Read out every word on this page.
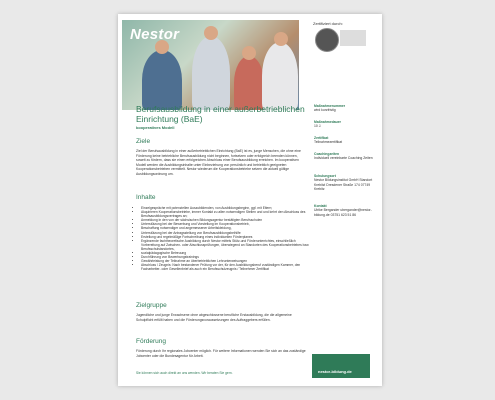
Nestor
Zertifiziert durch:
Berufsausbildung in einer außerbetrieblichen Einrichtung (BaE)
kooperatives Modell
Ziele
Ziel der Berufsausbildung in einer außerbetrieblichen Einrichtung (BaE) ist es, junge Menschen, die ohne eine Förderung keine betriebliche Berufsausbildung nicht beginnen, fortsetzen oder erfolgreich beenden können, soweit zu fördern, dass sie einen erfolgreichen Abschluss einer Berufsausbildung erreichen. Im kooperativen Modell werden die Ausbildungsinhalte unter Einbeziehung von persönlich und betrieblich geeigneten Kooperationsbetrieben vermittelt. Nestor wiederum die Kooperationsbetriebe setzen die aktuell gültige Ausbildungsordnung um.
Inhalte
• Einzelgespräche mit potenziellen Auszubildenden, von Ausbildungsbeginn, ggf. mit Eltern;
• Akquirieren Kooperationsbetriebe, immer Kontakt zu allen notwendigen Stellen und und kehrt den Abschluss des Berufsausbildungsvertrages an;
• Anmeldung in den von der sächsischen Bildungsagentur bestätigten Berufsschulen
• Unterstützung bei der Bewerbung und Vorstellung im Kooperationsbetrieb,
• Beschaffung notwendiger und angemessener Arbeitskleidung,
• Unterstützung bei der Antragsstellung von Berufsausbildungsbeihilfe
• Erstellung und regelmäßige Fortschreibung eines individuellen Förderplanes
• Ergänzende fachtheoretische Ausbildung durch Nestor mittels Stütz-und Förderunterrichtes, einschließlich Vorbereitung auf Zwischen- oder Abschlussprüfungen, überwiegend an Standorten des Kooperationsbetriebes bzw. Berufsschulstandortes,
• sozialpädagogische Betreuung
• Durchführung von Bewerbungstrainings
• Gewährleistung der Teilnahme an überbetrieblichen Lehrunterweisungen
• Abschluss / Zeugnis: Nach bestandener Prüfung vor der, für den Ausbildungsberuf zuständigen Kammer, den Facharbeiter- oder Gesellenbrief als auch ein Berufsschulzeugnis / Teilnehmer Zertifikat
Zielgruppe
Jugendliche und junge Erwachsene ohne abgeschlossene berufliche Erstausbildung, die die allgemeine Schulpflicht erfüllt haben und die Förderungsvoraussetzungen des Auftraggebers erfüllen.
Förderung
Förderung durch Ihr regionales Jobcenter möglich. Für weitere Informationen wenden Sie sich an das zuständige Jobcenter oder die Bundesagentur für Arbeit.
Sie können sich auch direkt an uns wenden. Wir beraten Sie gern.
Maßnahmenummer
wird kurzfristig
Maßnahmedauer
10 J.
Zertifikat
Teilnahmezertifikat
Coachingzeiten
Individuell vereinbarte Coaching Zeiten
Schulungsort
Nestor Bildungsinstitut GmbH Standort Krebitzl Dresdener Straße 174 07749 Krebitz
Kontakt
Ulrike Bergander ubergander@nestor-bildung.de 03751 623 51 86
nestor-bildung.de
